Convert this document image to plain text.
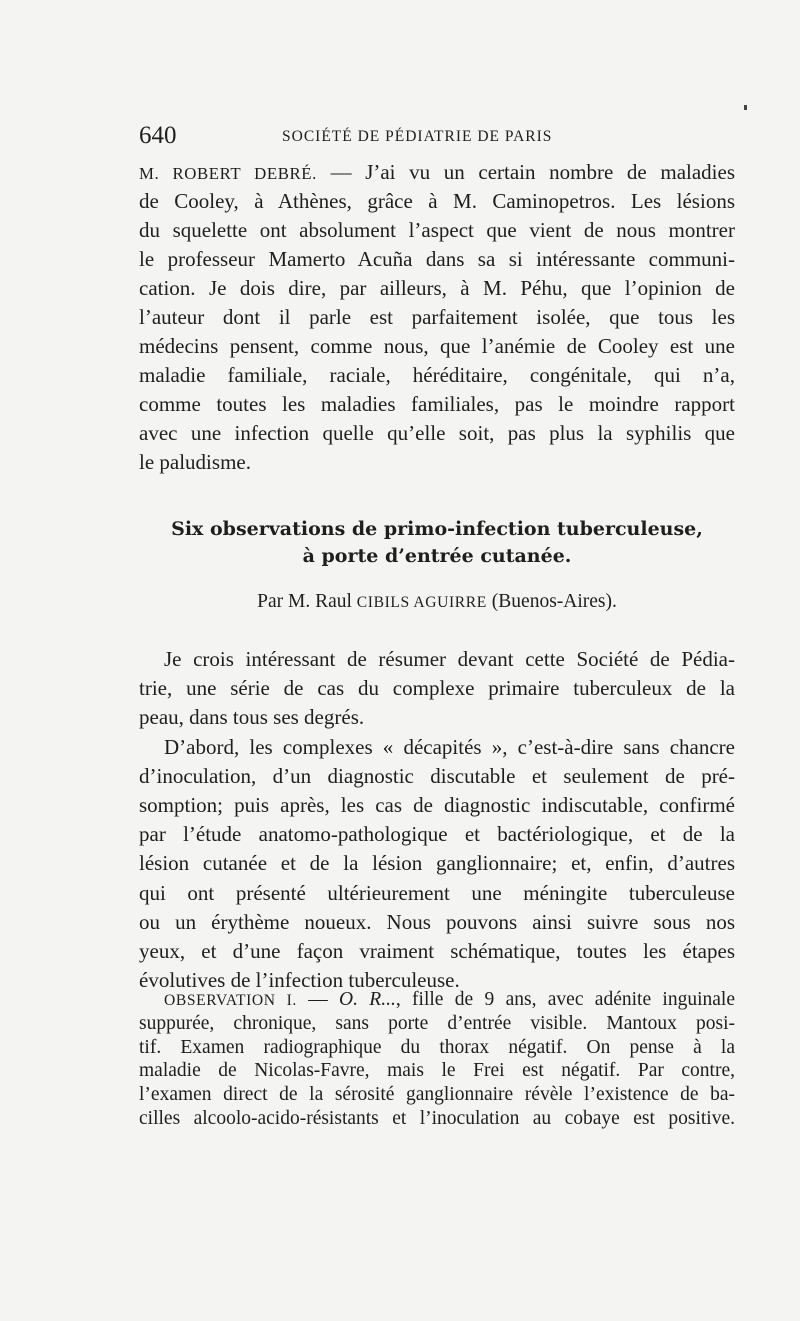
640	SOCIÉTÉ DE PÉDIATRIE DE PARIS
M. ROBERT DEBRÉ. — J’ai vu un certain nombre de maladies
de Cooley, à Athènes, grâce à M. Caminopetros. Les lésions
du squelette ont absolument l’aspect que vient de nous montrer
le professeur Mamerto Acuña dans sa si intéressante communi-
cation. Je dois dire, par ailleurs, à M. Péhu, que l’opinion de
l’auteur dont il parle est parfaitement isolée, que tous les
médecins pensent, comme nous, que l’anémie de Cooley est une
maladie familiale, raciale, héréditaire, congénitale, qui n’a,
comme toutes les maladies familiales, pas le moindre rapport
avec une infection quelle qu’elle soit, pas plus la syphilis que
le paludisme.
Six observations de primo-infection tuberculeuse,
à porte d’entrée cutanée.
Par M. Raul CIBILS AGUIRRE (Buenos-Aires).
Je crois intéressant de résumer devant cette Société de Pédia-
trie, une série de cas du complexe primaire tuberculeux de la
peau, dans tous ses degrés.
D’abord, les complexes « décapités », c’est-à-dire sans chancre
d’inoculation, d’un diagnostic discutable et seulement de pré-
somption; puis après, les cas de diagnostic indiscutable, confirmé
par l’étude anatomo-pathologique et bactériologique, et de la
lésion cutanée et de la lésion ganglionnaire; et, enfin, d’autres
qui ont présenté ultérieurement une méningite tuberculeuse
ou un érythème noueux. Nous pouvons ainsi suivre sous nos
yeux, et d’une façon vraiment schématique, toutes les étapes
évolutives de l’infection tuberculeuse.
OBSERVATION I. — O. R..., fille de 9 ans, avec adénite inguinale
suppurée, chronique, sans porte d’entrée visible. Mantoux posi-
tif. Examen radiographique du thorax négatif. On pense à la
maladie de Nicolas-Favre, mais le Frei est négatif. Par contre,
l’examen direct de la sérosité ganglionnaire révèle l’existence de ba-
cilles alcoolo-acido-résistants et l’inoculation au cobaye est positive.
